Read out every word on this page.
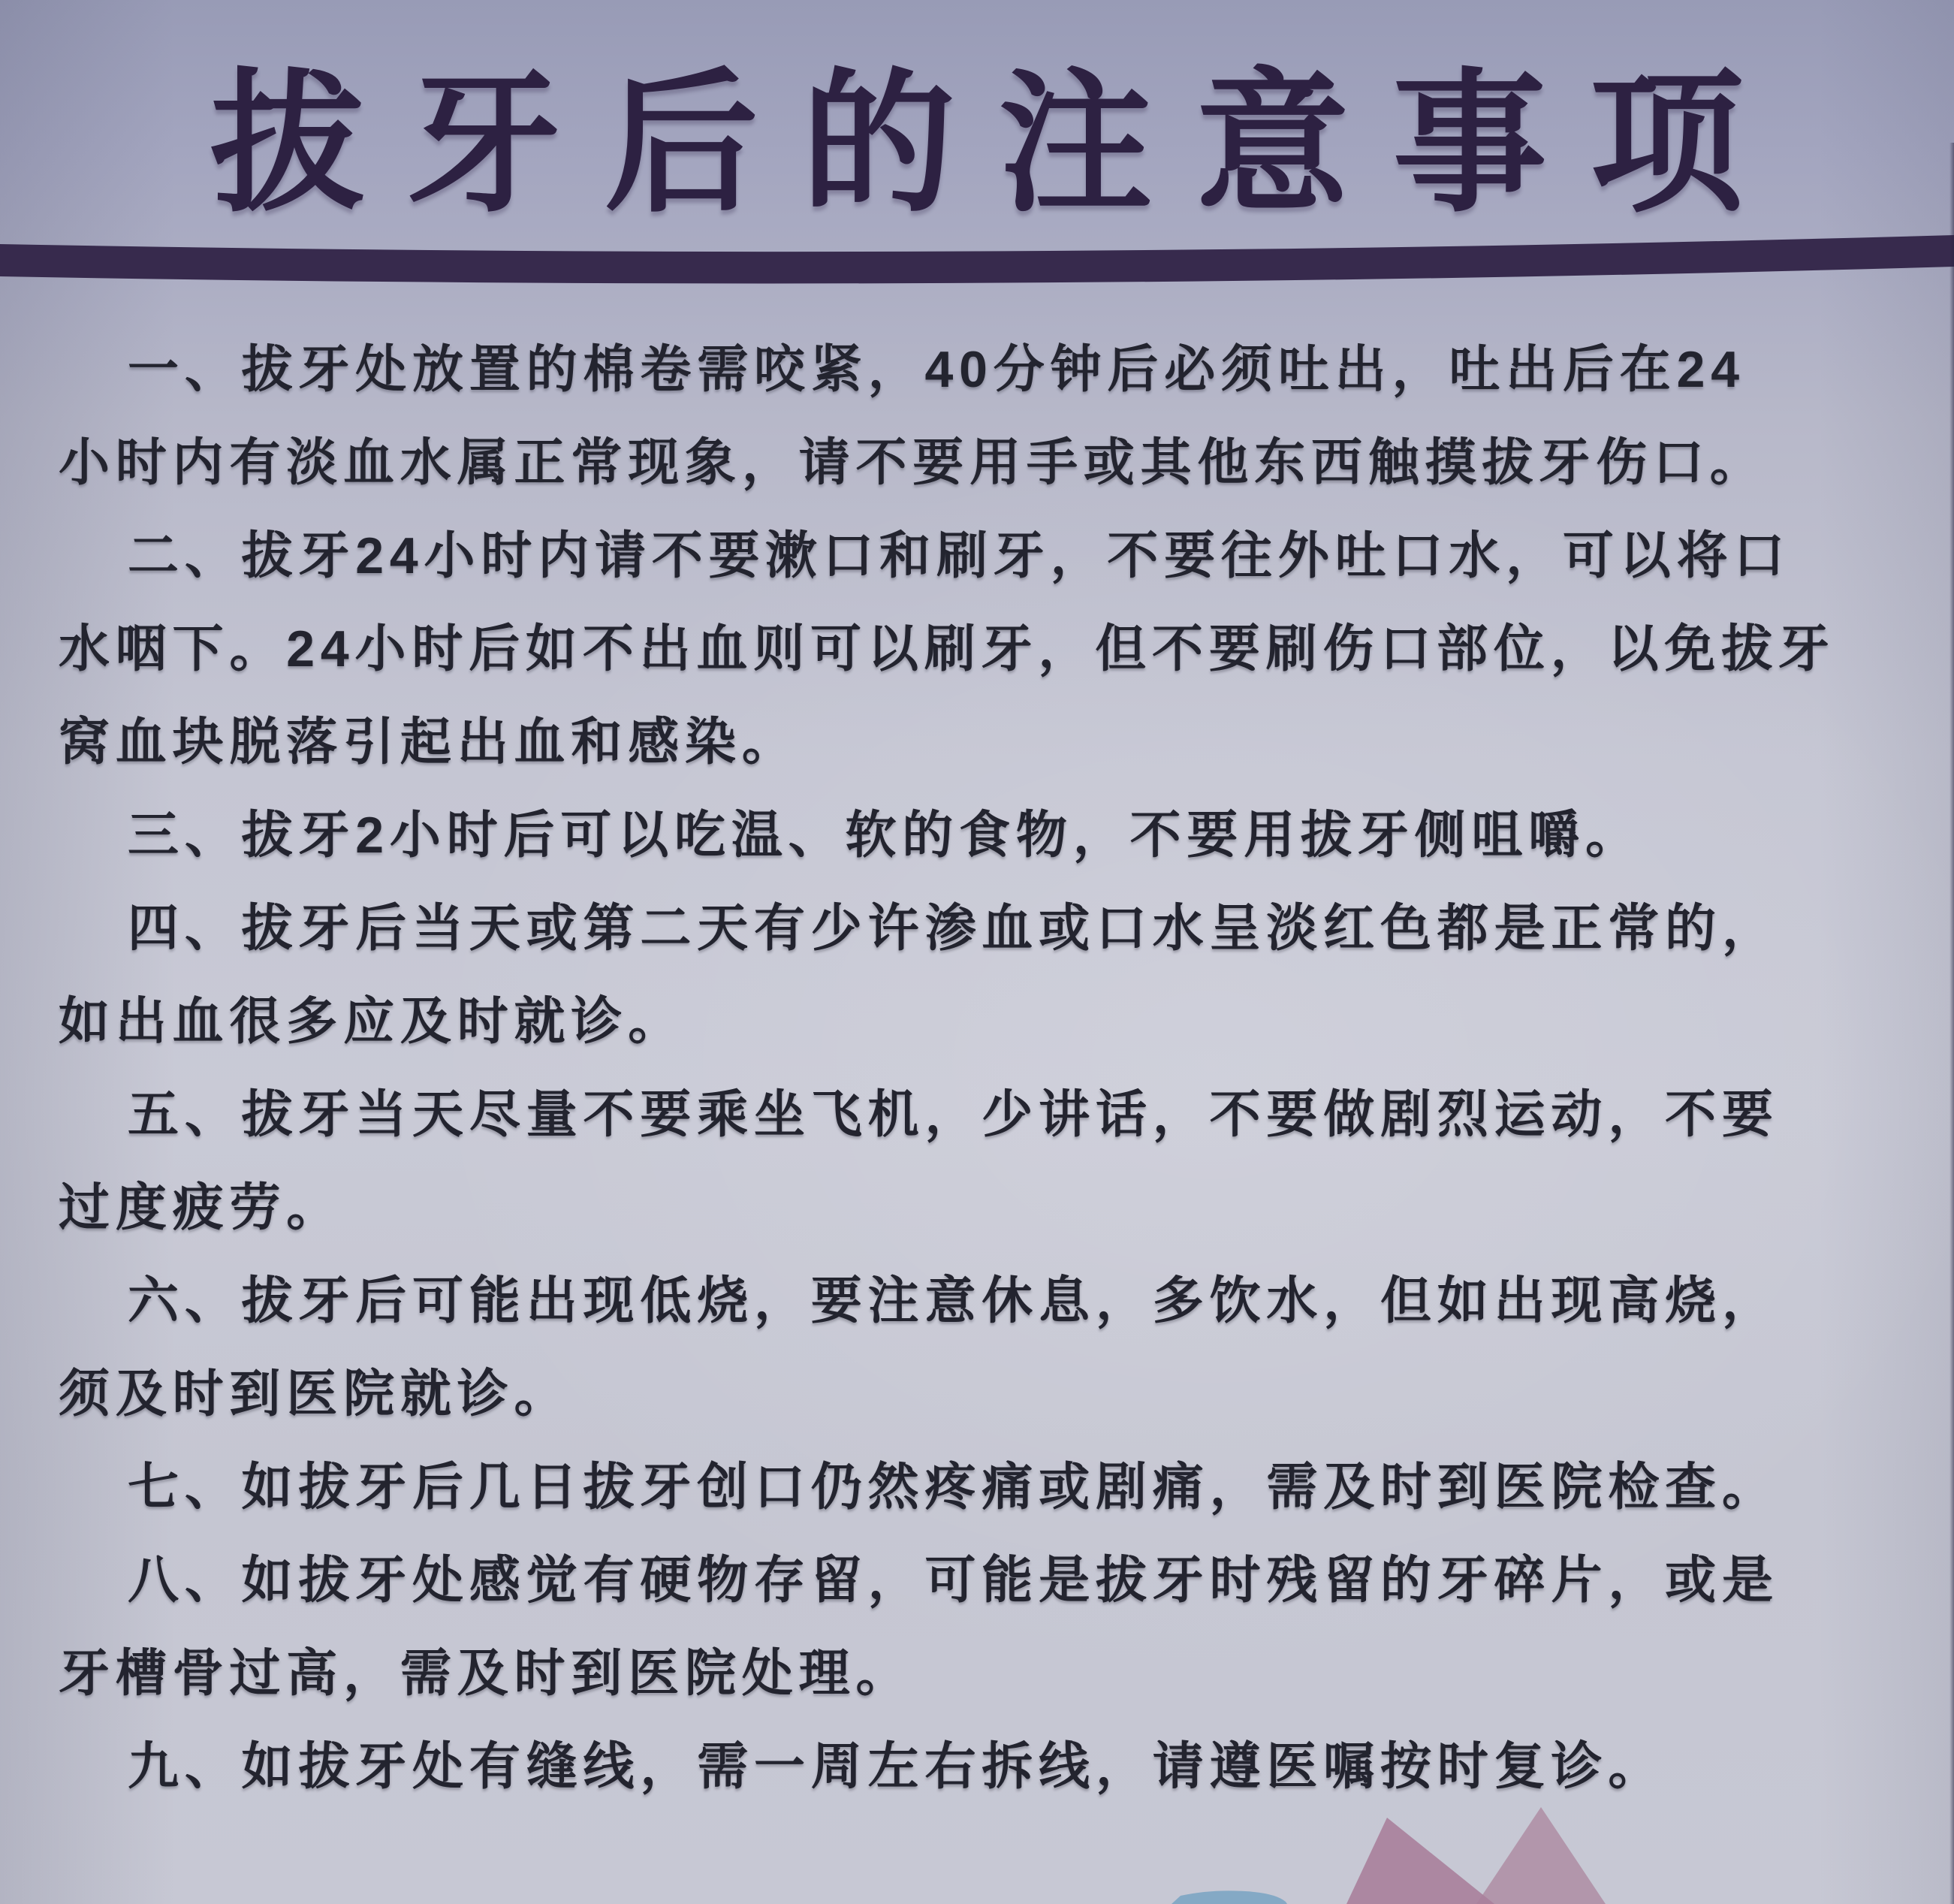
拔牙后的注意事项
一、拔牙处放置的棉卷需咬紧，40分钟后必须吐出，吐出后在24
小时内有淡血水属正常现象，请不要用手或其他东西触摸拔牙伤口。
二、拔牙24小时内请不要漱口和刷牙，不要往外吐口水，可以将口
水咽下。24小时后如不出血则可以刷牙，但不要刷伤口部位，以免拔牙
窝血块脱落引起出血和感染。
三、拔牙2小时后可以吃温、软的食物，不要用拔牙侧咀嚼。
四、拔牙后当天或第二天有少许渗血或口水呈淡红色都是正常的，
如出血很多应及时就诊。
五、拔牙当天尽量不要乘坐飞机，少讲话，不要做剧烈运动，不要
过度疲劳。
六、拔牙后可能出现低烧，要注意休息，多饮水，但如出现高烧，
须及时到医院就诊。
七、如拔牙后几日拔牙创口仍然疼痛或剧痛，需及时到医院检查。
八、如拔牙处感觉有硬物存留，可能是拔牙时残留的牙碎片，或是
牙槽骨过高，需及时到医院处理。
九、如拔牙处有缝线，需一周左右拆线，请遵医嘱按时复诊。
